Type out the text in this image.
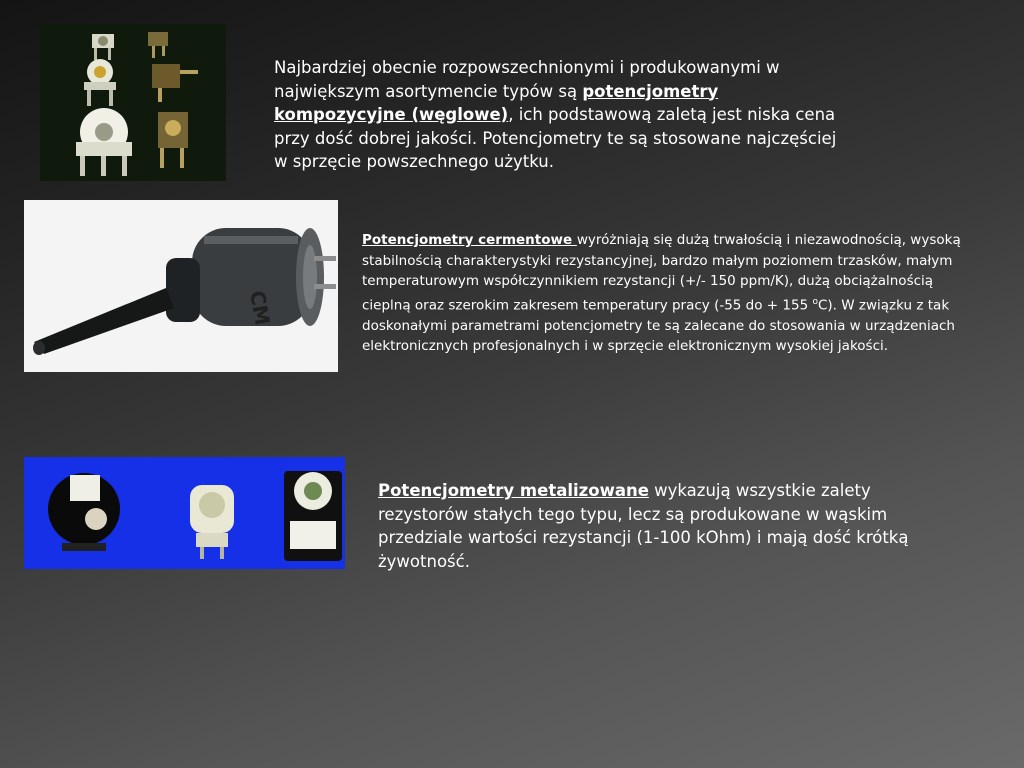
Najbardziej obecnie rozpowszechnionymi i produkowanymi w największym asortymencie typów są potencjometry kompozycyjne (węglowe), ich podstawową zaletą jest niska cena przy dość dobrej jakości. Potencjometry te są stosowane najczęściej w sprzęcie powszechnego użytku.
CM
Potencjometry cermentowe wyróżniają się dużą trwałością i niezawodnością, wysoką stabilnością charakterystyki rezystancyjnej, bardzo małym poziomem trzasków, małym temperaturowym współczynnikiem rezystancji (+/- 150 ppm/K), dużą obciążalnością cieplną oraz szerokim zakresem temperatury pracy (-55 do + 155 $^o$C). W związku z tak doskonałymi parametrami potencjometry te są zalecane do stosowania w urządzeniach elektronicznych profesjonalnych i w sprzęcie elektronicznym wysokiej jakości.
Potencjometry metalizowane wykazują wszystkie zalety rezystorów stałych tego typu, lecz są produkowane w wąskim przedziale wartości rezystancji (1-100 kOhm) i mają dość krótką żywotność.
